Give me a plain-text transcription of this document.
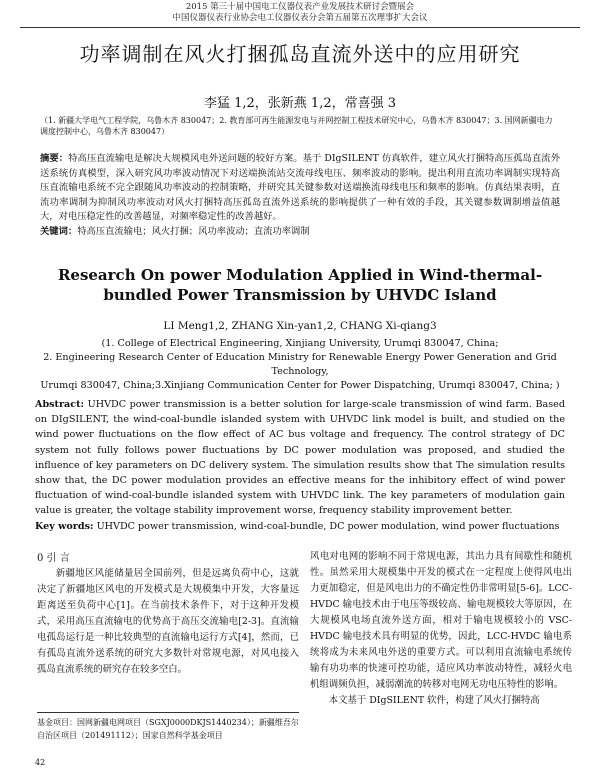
2015 第三十届中国电工仪器仪表产业发展技术研讨会暨展会
中国仪器仪表行业协会电工仪器仪表分会第五届第五次理事扩大会议
功率调制在风火打捆孤岛直流外送中的应用研究
李猛 1,2，张新燕 1,2，常喜强 3
（1. 新疆大学电气工程学院，乌鲁木齐 830047；2. 教育部可再生能源发电与并网控制工程技术研究中心，乌鲁木齐 830047；3. 国网新疆电力调度控制中心，乌鲁木齐 830047）

摘要：特高压直流输电是解决大规模风电外送问题的较好方案。基于 DIgSILENT 仿真软件，建立风火打捆特高压孤岛直流外送系统仿真模型，深入研究风功率波动情况下对送端换流站交流母线电压、频率波动的影响。提出利用直流功率调制实现特高压直流输电系统不完全跟随风功率波动的控制策略，并研究其关键参数对送端换流母线电压和频率的影响。仿真结果表明，直流功率调制为抑制风功率波动对风火打捆特高压孤岛直流外送系统的影响提供了一种有效的手段，其关键参数调制增益值越大，对电压稳定性的改善越显，对频率稳定性的改善越好。

关键词：特高压直流输电；风火打捆；风功率波动；直流功率调制

Research On power Modulation Applied in Wind-thermal-bundled Power Transmission by UHVDC Island
LI Meng1,2, ZHANG Xin-yan1,2, CHANG Xi-qiang3
(1. College of Electrical Engineering, Xinjiang University, Urumqi 830047, China;
2. Engineering Research Center of Education Ministry for Renewable Energy Power Generation and Grid Technology,
Urumqi 830047, China;3.Xinjiang Communication Center for Power Dispatching, Urumqi 830047, China; )

Abstract: UHVDC power transmission is a better solution for large-scale transmission of wind farm. Based on DIgSILENT, the wind-coal-bundle islanded system with UHVDC link model is built, and studied on the wind power fluctuations on the flow effect of AC bus voltage and frequency. The control strategy of DC system not fully follows power fluctuations by DC power modulation was proposed, and studied the influence of key parameters on DC delivery system. The simulation results show that The simulation results show that, the DC power modulation provides an effective means for the inhibitory effect of wind power fluctuation of wind-coal-bundle islanded system with UHVDC link. The key parameters of modulation gain value is greater, the voltage stability improvement worse, frequency stability improvement better.

Key words: UHVDC power transmission, wind-coal-bundle, DC power modulation, wind power fluctuations

0 引 言

新疆地区风能储量居全国前列，但是远离负荷中心，这就决定了新疆地区风电的开发模式是大规模集中开发，大容量远距离送至负荷中心[1]。在当前技术条件下，对于这种开发模式，采用高压直流输电的优势高于高压交流输电[2-3]。直流输电孤岛运行是一种比较典型的直流输电运行方式[4]，然而，已有孤岛直流外送系统的研究大多数针对常规电源，对风电接入孤岛直流系统的研究存在较多空白。

风电对电网的影响不同于常规电源，其出力具有间歇性和随机性。虽然采用大规模集中开发的模式在一定程度上使得风电出力更加稳定，但是风电出力的不确定性仍非常明显[5-6]。LCC-HVDC 输电技术由于电压等级较高、输电规模较大等原因，在大规模风电场直流外送方面，相对于输电规模较小的 VSC-HVDC 输电技术具有明显的优势，因此，LCC-HVDC 输电系统将成为未来风电外送的重要方式。可以利用直流输电系统传输有功功率的快速可控功能，适应风功率波动特性，减轻火电机组调频负担，减弱潮流的转移对电网无功电压特性的影响。

本文基于 DIgSILENT 软件，构建了风火打捆特高

基金项目：国网新疆电网项目（SGXJ0000DKJS1440234）；新疆维吾尔自治区项目（201491112）；国家自然科学基金项目
42
